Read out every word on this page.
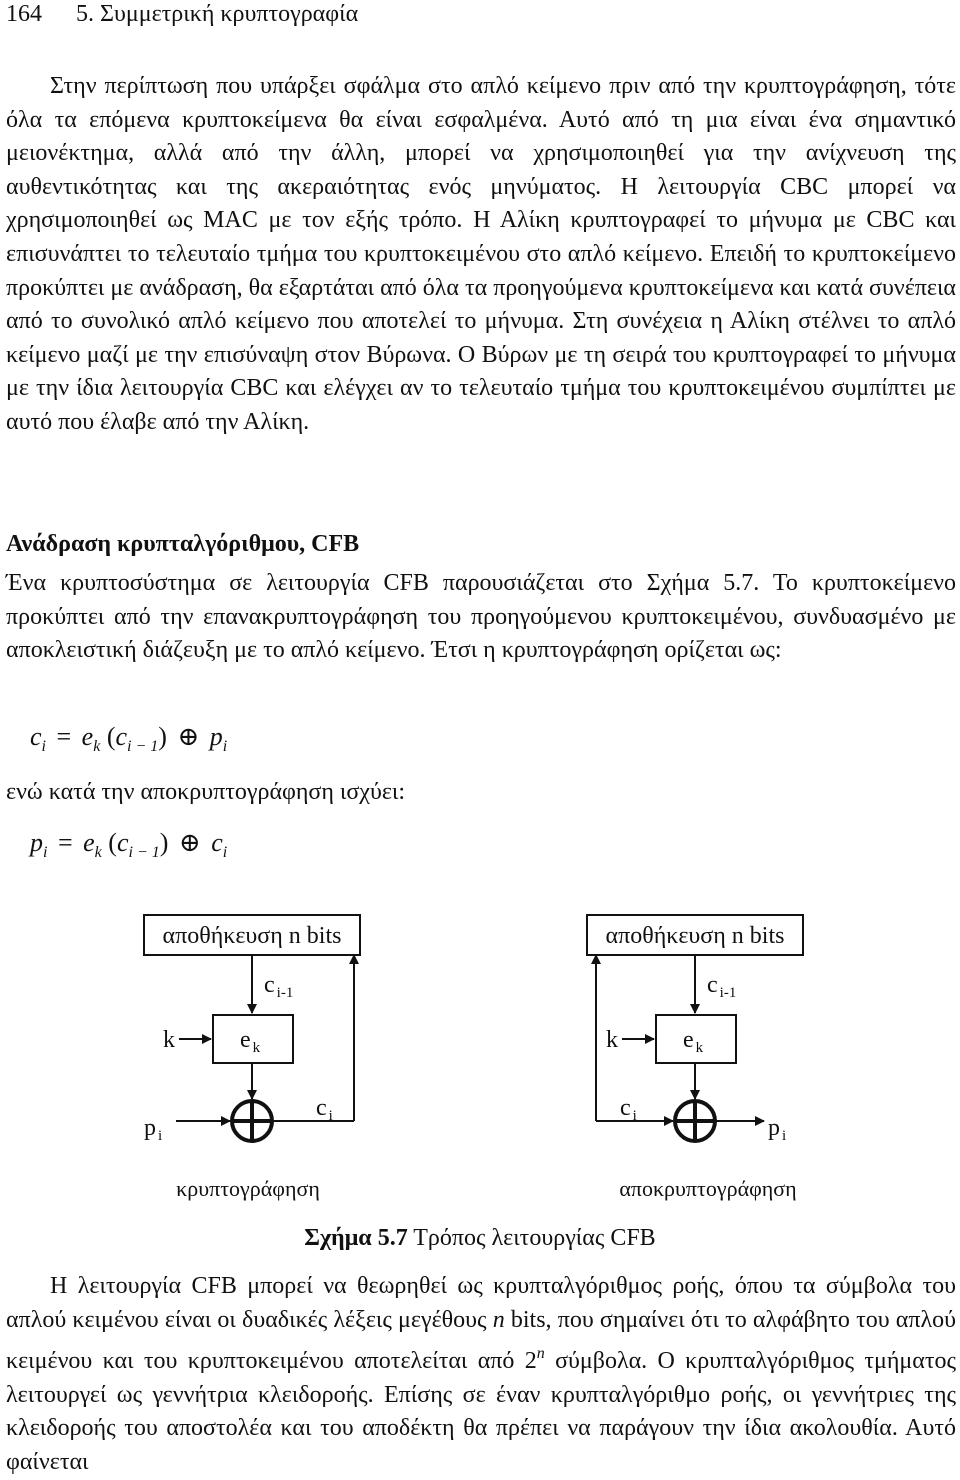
164 5. Συμμετρική κρυπτογραφία

Στην περίπτωση που υπάρξει σφάλμα στο απλό κείμενο πριν από την κρυπτογράφηση, τότε όλα τα επόμενα κρυπτοκείμενα θα είναι εσφαλμένα. Αυτό από τη μια είναι ένα σημαντικό μειονέκτημα, αλλά από την άλλη, μπορεί να χρησιμοποιηθεί για την ανίχνευση της αυθεντικότητας και της ακεραιότητας ενός μηνύματος. Η λειτουργία CBC μπορεί να χρησιμοποιηθεί ως MAC με τον εξής τρόπο. Η Αλίκη κρυπτογραφεί το μήνυμα με CBC και επισυνάπτει το τελευταίο τμήμα του κρυπτοκειμένου στο απλό κείμενο. Επειδή το κρυπτοκείμενο προκύπτει με ανάδραση, θα εξαρτάται από όλα τα προηγούμενα κρυπτοκείμενα και κατά συνέπεια από το συνολικό απλό κείμενο που αποτελεί το μήνυμα. Στη συνέχεια η Αλίκη στέλνει το απλό κείμενο μαζί με την επισύναψη στον Βύρωνα. Ο Βύρων με τη σειρά του κρυπτογραφεί το μήνυμα με την ίδια λειτουργία CBC και ελέγχει αν το τελευταίο τμήμα του κρυπτοκειμένου συμπίπτει με αυτό που έλαβε από την Αλίκη.

Ανάδραση κρυπταλγόριθμου, CFB

Ένα κρυπτοσύστημα σε λειτουργία CFB παρουσιάζεται στο Σχήμα 5.7. Το κρυπτοκείμενο προκύπτει από την επανακρυπτογράφηση του προηγούμενου κρυπτοκειμένου, συνδυασμένο με αποκλειστική διάζευξη με το απλό κείμενο. Έτσι η κρυπτογράφηση ορίζεται ως:

$c_i = e_k$ $(c_{i - 1})$ ⊕ $p_i$
ενώ κατά την αποκρυπτογράφηση ισχύει:
$p_i = e_k$ $(c_{i - 1})$ ⊕ $c_i$
αποθήκευση n bits
c $_{i-1}$
e $_k$
k
p $_i$
c $_i$
κρυπτογράφηση
αποθήκευση n bits
c $_{i-1}$
e $_k$
k
c $_i$	p $_i$
αποκρυπτογράφηση
Σχήμα 5.7 Τρόπος λειτουργίας CFB

Η λειτουργία CFB μπορεί να θεωρηθεί ως κρυπταλγόριθμος ροής, όπου τα σύμβολα του απλού κειμένου είναι οι δυαδικές λέξεις μεγέθους n bits, που σημαίνει ότι το αλφάβητο του απλού κειμένου και του κρυπτοκειμένου αποτελείται από 2$^n$ σύμβολα. Ο κρυπταλγόριθμος τμήματος λειτουργεί ως γεννήτρια κλειδοροής. Επίσης σε έναν κρυπταλγόριθμο ροής, οι γεννήτριες της κλειδοροής του αποστολέα και του αποδέκτη θα πρέπει να παράγουν την ίδια ακολουθία. Αυτό φαίνεται
